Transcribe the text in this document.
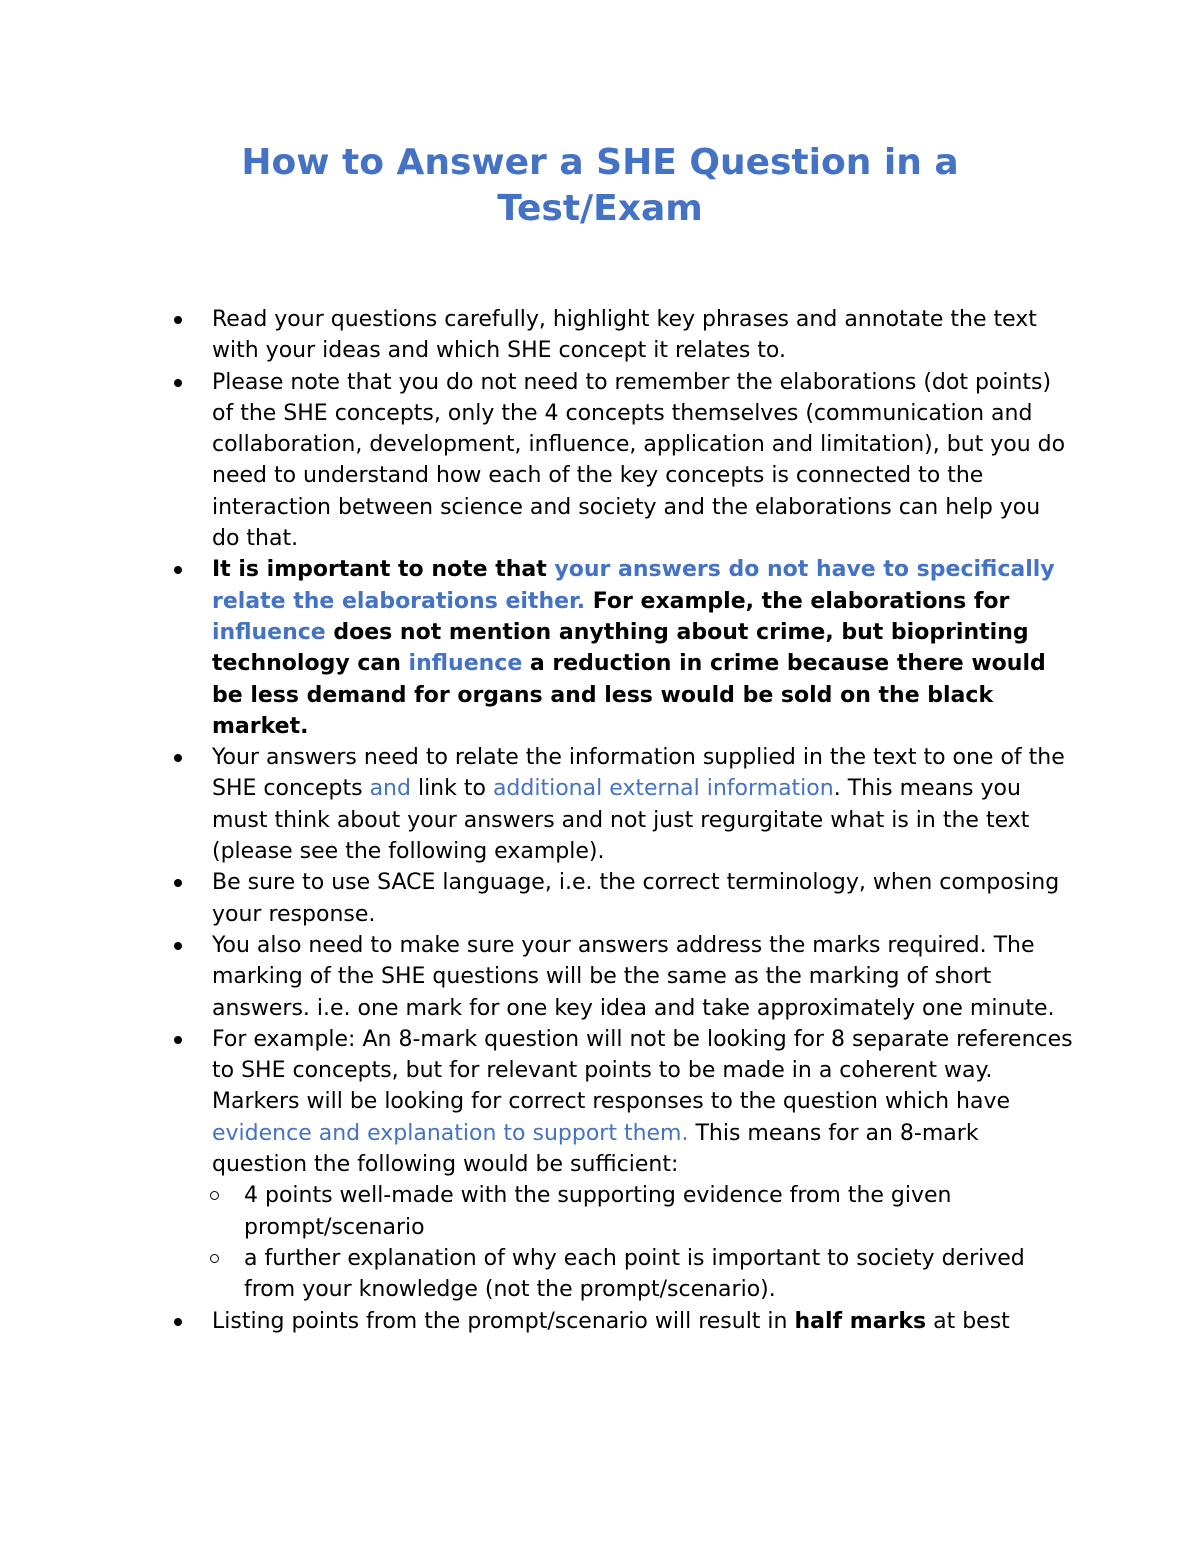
How to Answer a SHE Question in a
Test/Exam
Read your questions carefully, highlight key phrases and annotate the text with your ideas and which SHE concept it relates to.
Please note that you do not need to remember the elaborations (dot points) of the SHE concepts, only the 4 concepts themselves (communication and collaboration, development, influence, application and limitation), but you do need to understand how each of the key concepts is connected to the interaction between science and society and the elaborations can help you do that.
It is important to note that your answers do not have to specifically relate the elaborations either. For example, the elaborations for influence does not mention anything about crime, but bioprinting technology can influence a reduction in crime because there would be less demand for organs and less would be sold on the black market.
Your answers need to relate the information supplied in the text to one of the SHE concepts and link to additional external information. This means you must think about your answers and not just regurgitate what is in the text (please see the following example).
Be sure to use SACE language, i.e. the correct terminology, when composing your response.
You also need to make sure your answers address the marks required. The marking of the SHE questions will be the same as the marking of short answers. i.e. one mark for one key idea and take approximately one minute.
For example: An 8-mark question will not be looking for 8 separate references to SHE concepts, but for relevant points to be made in a coherent way. Markers will be looking for correct responses to the question which have evidence and explanation to support them. This means for an 8-mark question the following would be sufficient:
4 points well-made with the supporting evidence from the given prompt/scenario
a further explanation of why each point is important to society derived from your knowledge (not the prompt/scenario).
Listing points from the prompt/scenario will result in half marks at best
